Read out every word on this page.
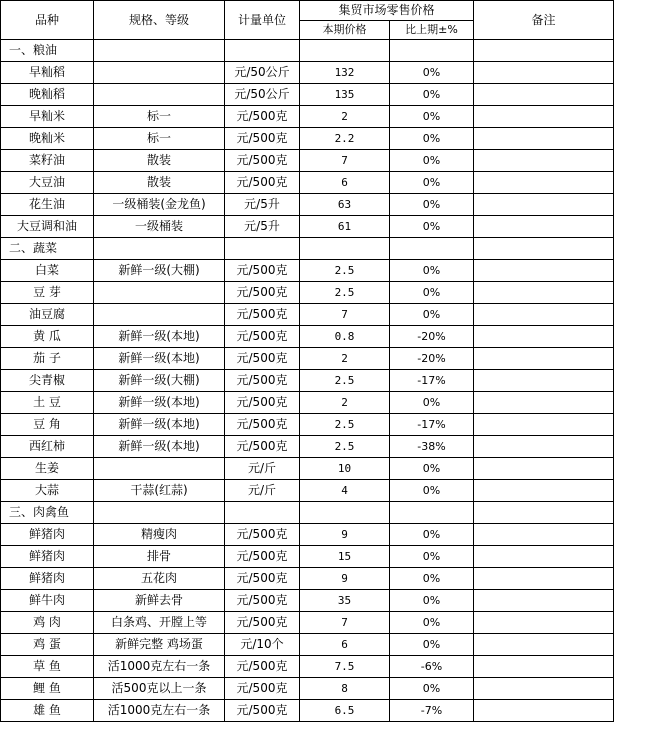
品种	规格、等级	计量单位	集贸市场零售价格		备注	
			本期价格	比上期±%		
一、粮油						
早籼稻		元/50公斤	132	0%		
晚籼稻		元/50公斤	135	0%		
早籼米	标一	元/500克	2	0%		
晚籼米	标一	元/500克	2.2	0%		
菜籽油	散装	元/500克	7	0%		
大豆油	散装	元/500克	6	0%		
花生油	一级桶装(金龙鱼)	元/5升	63	0%		
大豆调和油	一级桶装	元/5升	61	0%		
二、蔬菜						
白菜	新鲜一级(大棚)	元/500克	2.5	0%		
豆 芽		元/500克	2.5	0%		
油豆腐		元/500克	7	0%		
黄 瓜	新鲜一级(本地)	元/500克	0.8	-20%		
茄 子	新鲜一级(本地)	元/500克	2	-20%		
尖青椒	新鲜一级(大棚)	元/500克	2.5	-17%		
土 豆	新鲜一级(本地)	元/500克	2	0%		
豆 角	新鲜一级(本地)	元/500克	2.5	-17%		
西红柿	新鲜一级(本地)	元/500克	2.5	-38%		
生姜		元/斤	10	0%		
大蒜	干蒜(红蒜)	元/斤	4	0%		
三、肉禽鱼						
鲜猪肉	精瘦肉	元/500克	9	0%		
鲜猪肉	排骨	元/500克	15	0%		
鲜猪肉	五花肉	元/500克	9	0%		
鲜牛肉	新鲜去骨	元/500克	35	0%		
鸡 肉	白条鸡、开膛上等	元/500克	7	0%		
鸡 蛋	新鲜完整 鸡场蛋	元/10个	6	0%		
草 鱼	活1000克左右一条	元/500克	7.5	-6%		
鲤 鱼	活500克以上一条	元/500克	8	0%		
雄 鱼	活1000克左右一条	元/500克	6.5	-7%		
